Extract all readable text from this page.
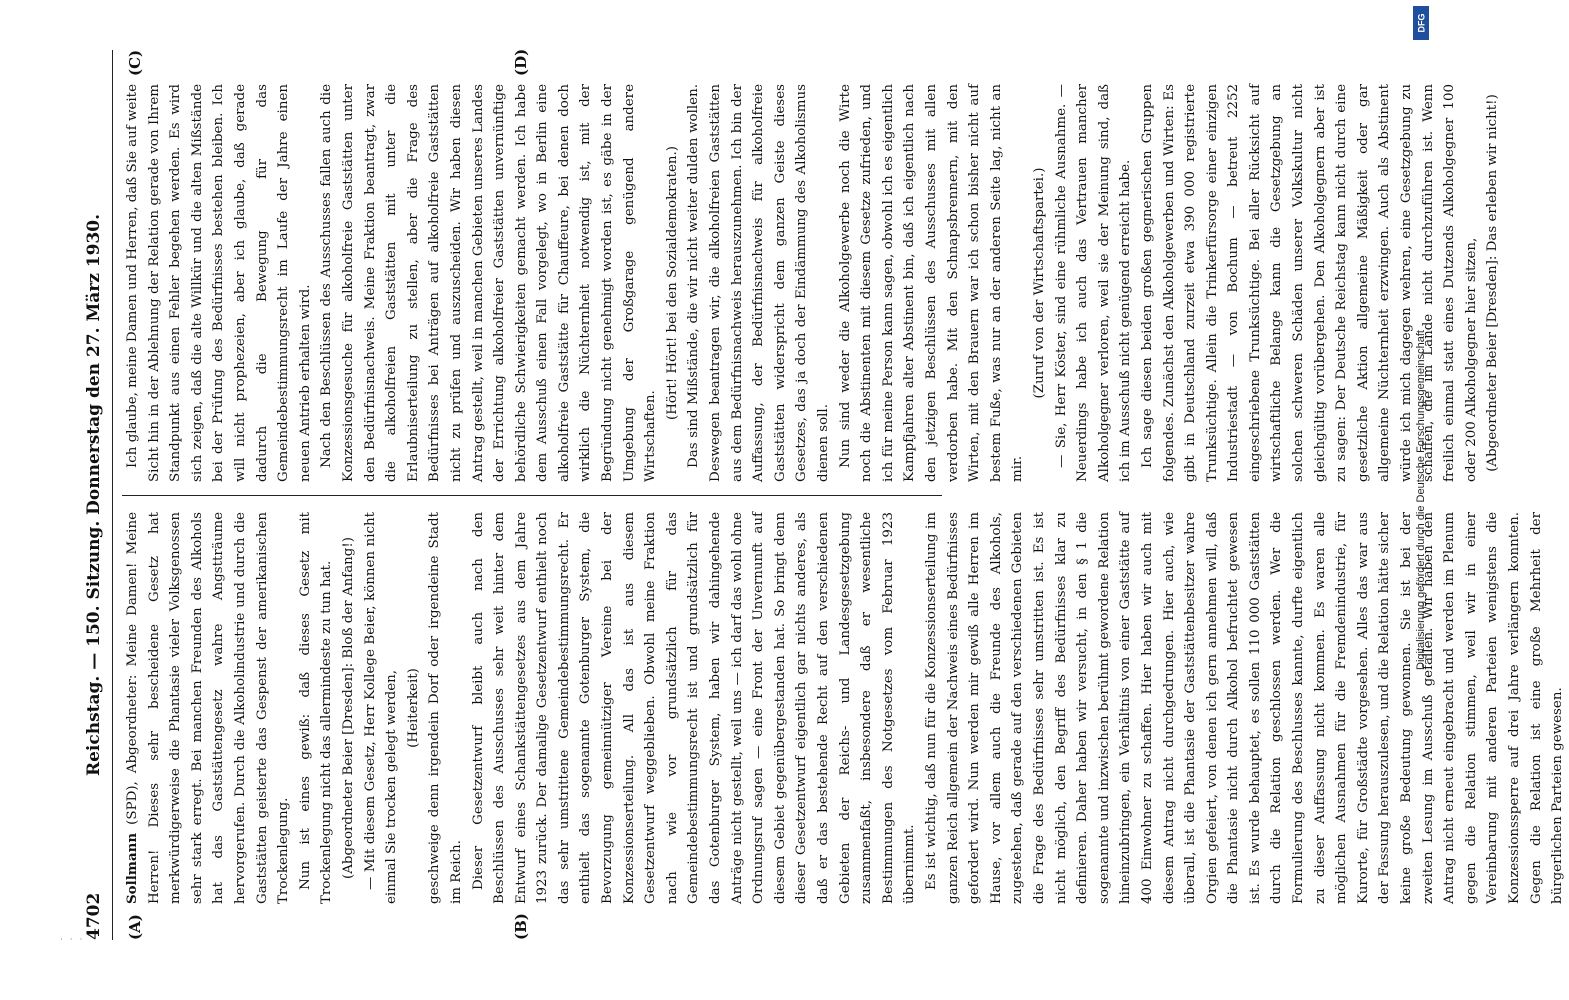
4702
Reichstag. — 150. Sitzung. Donnerstag den 27. März 1930.
(A)	(B)
(C)	(D)

Sollmann (SPD), Abgeordneter: Meine Damen! Meine Herren! Dieses sehr bescheidene Gesetz hat merkwürdigerweise die Phantasie vieler Volksgenossen sehr stark erregt. Bei manchen Freunden des Alkohols hat das Gaststättengesetz wahre Angstträume hervorgerufen. Durch die Alkoholindustrie und durch die Gaststätten geisterte das Gespenst der amerikanischen Trockenlegung. Nun ist eines gewiß: daß dieses Gesetz mit Trockenlegung nicht das allermindeste zu tun hat. (Abgeordneter Beier [Dresden]: Bloß der Anfang!) — Mit diesem Gesetz, Herr Kollege Beier, können nicht einmal Sie trocken gelegt werden, (Heiterkeit) geschweige denn irgendein Dorf oder irgendeine Stadt im Reich. Dieser Gesetzentwurf bleibt auch nach den Beschlüssen des Ausschusses sehr weit hinter dem Entwurf eines Schankstättengesetzes aus dem Jahre 1923 zurück. Der damalige Gesetzentwurf enthielt noch das sehr umstrittene Gemeindebestimmungsrecht. Er enthielt das sogenannte Gotenburger System, die Bevorzugung gemeinnütziger Vereine bei der Konzessionserteilung. All das ist aus diesem Gesetzentwurf weggeblieben. Obwohl meine Fraktion nach wie vor grundsätzlich für das Gemeindebestimmungsrecht ist und grundsätzlich für das Gotenburger System, haben wir dahingehende Anträge nicht gestellt, weil uns — ich darf das wohl ohne Ordnungsruf sagen — eine Front der Unvernunft auf diesem Gebiet gegenübergestanden hat. So bringt denn dieser Gesetzentwurf eigentlich gar nichts anderes, als daß er das bestehende Recht auf den verschiedenen Gebieten der Reichs- und Landesgesetzgebung zusammenfaßt, insbesondere daß er wesentliche Bestimmungen des Notgesetzes vom Februar 1923 übernimmt. Es ist wichtig, daß nun für die Konzessionserteilung im ganzen Reich allgemein der Nachweis eines Bedürfnisses gefordert wird. Nun werden mir gewiß alle Herren im Hause, vor allem auch die Freunde des Alkohols, zugestehen, daß gerade auf den verschiedenen Gebieten die Frage des Bedürfnisses sehr umstritten ist. Es ist nicht möglich, den Begriff des Bedürfnisses klar zu definieren. Daher haben wir versucht, in den § 1 die sogenannte und inzwischen berühmt gewordene Relation hineinzubringen, ein Verhältnis von einer Gaststätte auf 400 Einwohner zu schaffen. Hier haben wir auch mit diesem Antrag nicht durchgedrungen. Hier auch, wie überall, ist die Phantasie der Gaststättenbesitzer wahre Orgien gefeiert, von denen ich gern annehmen will, daß die Phantasie nicht durch Alkohol befruchtet gewesen ist. Es wurde behauptet, es sollen 110 000 Gaststätten durch die Relation geschlossen werden. Wer die Formulierung des Beschlusses kannte, durfte eigentlich zu dieser Auffassung nicht kommen. Es waren alle möglichen Ausnahmen für die Fremdenindustrie, für Kurorte, für Großstädte vorgesehen. Alles das war aus der Fassung herauszulesen, und die Relation hätte sicher keine große Bedeutung gewonnen. Sie ist bei der zweiten Lesung im Ausschuß gefallen. Wir haben den Antrag nicht erneut eingebracht und werden im Plenum gegen die Relation stimmen, weil wir in einer Vereinbarung mit anderen Parteien wenigstens die Konzessionssperre auf drei Jahre verlängern konnten. Gegen die Relation ist eine große Mehrheit der bürgerlichen Parteien gewesen.

Ich glaube, meine Damen und Herren, daß Sie auf weite Sicht hin in der Ablehnung der Relation gerade von Ihrem Standpunkt aus einen Fehler begehen werden. Es wird sich zeigen, daß die alte Willkür und die alten Mißstände bei der Prüfung des Bedürfnisses bestehen bleiben. Ich will nicht prophezeien, aber ich glaube, daß gerade dadurch die Bewegung für das Gemeindebestimmungsrecht im Laufe der Jahre einen neuen Antrieb erhalten wird. Nach den Beschlüssen des Ausschusses fallen auch die Konzessionsgesuche für alkoholfreie Gaststätten unter den Bedürfnisnachweis. Meine Fraktion beantragt, zwar die alkoholfreien Gaststätten mit unter die Erlaubniserteilung zu stellen, aber die Frage des Bedürfnisses bei Anträgen auf alkoholfreie Gaststätten nicht zu prüfen und auszuscheiden. Wir haben diesen Antrag gestellt, weil in manchen Gebieten unseres Landes der Errichtung alkoholfreier Gaststätten unvernünftige behördliche Schwierigkeiten gemacht werden. Ich habe dem Ausschuß einen Fall vorgelegt, wo in Berlin eine alkoholfreie Gaststätte für Chauffeure, bei denen doch wirklich die Nüchternheit notwendig ist, mit der Begründung nicht genehmigt worden ist, es gäbe in der Umgebung der Großgarage genügend andere Wirtschaften.

(Hört! Hört! bei den Sozialdemokraten.) Das sind Mißstände, die wir nicht weiter dulden wollen. Deswegen beantragen wir, die alkoholfreien Gaststätten aus dem Bedürfnisnachweis herauszunehmen. Ich bin der Auffassung, der Bedürfnisnachweis für alkoholfreie Gaststätten widerspricht dem ganzen Geiste dieses Gesetzes, das ja doch der Eindämmung des Alkoholismus dienen soll. Nun sind weder die Alkoholgewerbe noch die Wirte noch die Abstinenten mit diesem Gesetze zufrieden, und ich für meine Person kann sagen, obwohl ich es eigentlich Kampfjahren alter Abstinent bin, daß ich eigentlich nach den jetzigen Beschlüssen des Ausschusses mit allen verdorben habe. Mit den Schnapsbrennern, mit den Wirten, mit den Brauern war ich schon bisher nicht auf bestem Fuße, was nur an der anderen Seite lag, nicht an mir.

(Zuruf von der Wirtschaftspartei.) — Sie, Herr Köster, sind eine rühmliche Ausnahme. — Neuerdings habe ich auch das Vertrauen mancher Alkoholgegner verloren, weil sie der Meinung sind, daß ich im Ausschuß nicht genügend erreicht habe. Ich sage diesen beiden großen gegnerischen Gruppen folgendes. Zunächst den Alkoholgewerben und Wirten: Es gibt in Deutschland zurzeit etwa 390 000 registrierte Trunksüchtige. Allein die Trinkerfürsorge einer einzigen Industriestadt — von Bochum — betreut 2252 eingeschriebene Trunksüchtige. Bei aller Rücksicht auf wirtschaftliche Belange kann die Gesetzgebung an solchen schweren Schäden unserer Volkskultur nicht gleichgültig vorübergehen. Den Alkoholgegnern aber ist zu sagen: Der Deutsche Reichstag kann nicht durch eine gesetzliche Aktion allgemeine Mäßigkeit oder gar allgemeine Nüchternheit erzwingen. Auch als Abstinent würde ich mich dagegen wehren, eine Gesetzgebung zu schaffen, die im Lande nicht durchzuführen ist. Wenn freilich einmal statt eines Dutzends Alkoholgegner 100 oder 200 Alkoholgegner hier sitzen, (Abgeordneter Beier [Dresden]: Das erleben wir nicht!)

· · ·
DFG
Digitalisierung gefördert durch die Deutsche Forschungsgemeinschaft
